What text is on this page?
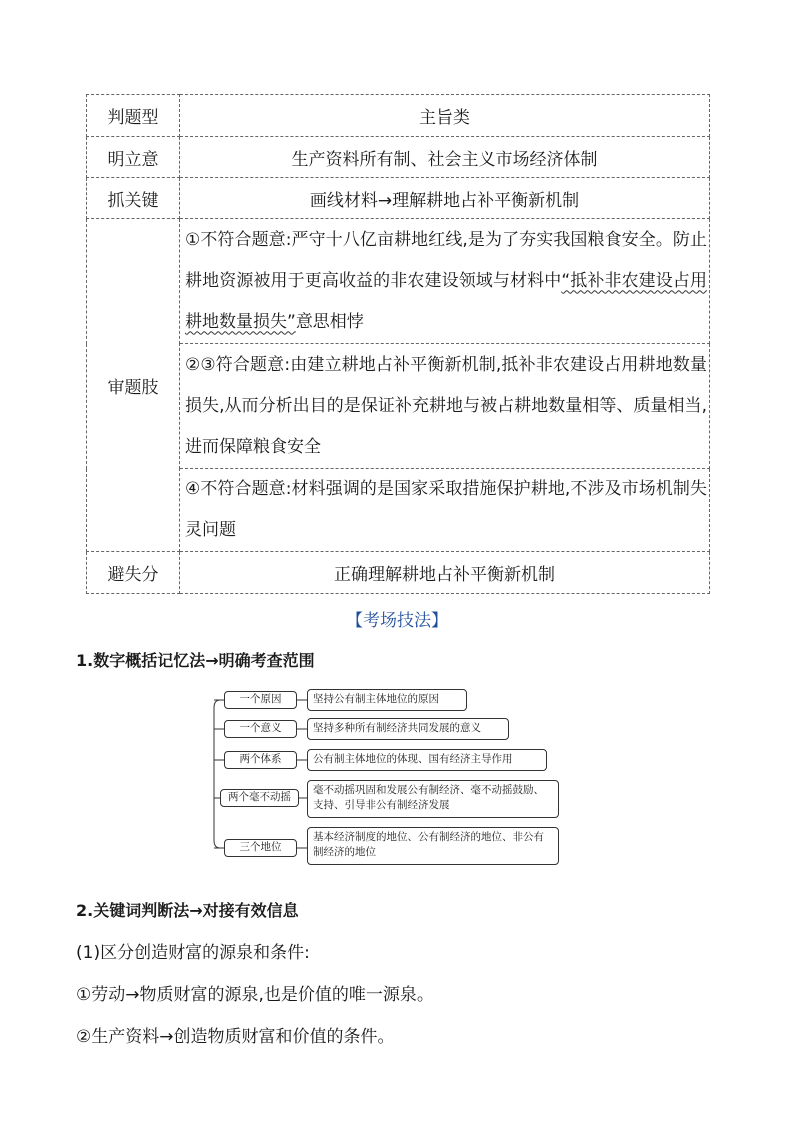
判题型	主旨类
明立意	生产资料所有制、社会主义市场经济体制
抓关键	画线材料→理解耕地占补平衡新机制
审题肢	①不符合题意:严守十八亿亩耕地红线,是为了夯实我国粮食安全。防止耕地资源被用于更高收益的非农建设领域与材料中“抵补非农建设占用耕地数量损失”意思相悖
	②③符合题意:由建立耕地占补平衡新机制,抵补非农建设占用耕地数量损失,从而分析出目的是保证补充耕地与被占耕地数量相等、质量相当,进而保障粮食安全
	④不符合题意:材料强调的是国家采取措施保护耕地,不涉及市场机制失灵问题
避失分	正确理解耕地占补平衡新机制
【考场技法】
1.数字概括记忆法→明确考查范围
一个原因	坚持公有制主体地位的原因
一个意义	坚持多种所有制经济共同发展的意义
两个体系	公有制主体地位的体现、国有经济主导作用
两个毫不动摇
毫不动摇巩固和发展公有制经济、毫不动摇鼓励、支持、引导非公有制经济发展
三个地位
基本经济制度的地位、公有制经济的地位、非公有制经济的地位
2.关键词判断法→对接有效信息
(1)区分创造财富的源泉和条件:
①劳动→物质财富的源泉,也是价值的唯一源泉。
②生产资料→创造物质财富和价值的条件。
